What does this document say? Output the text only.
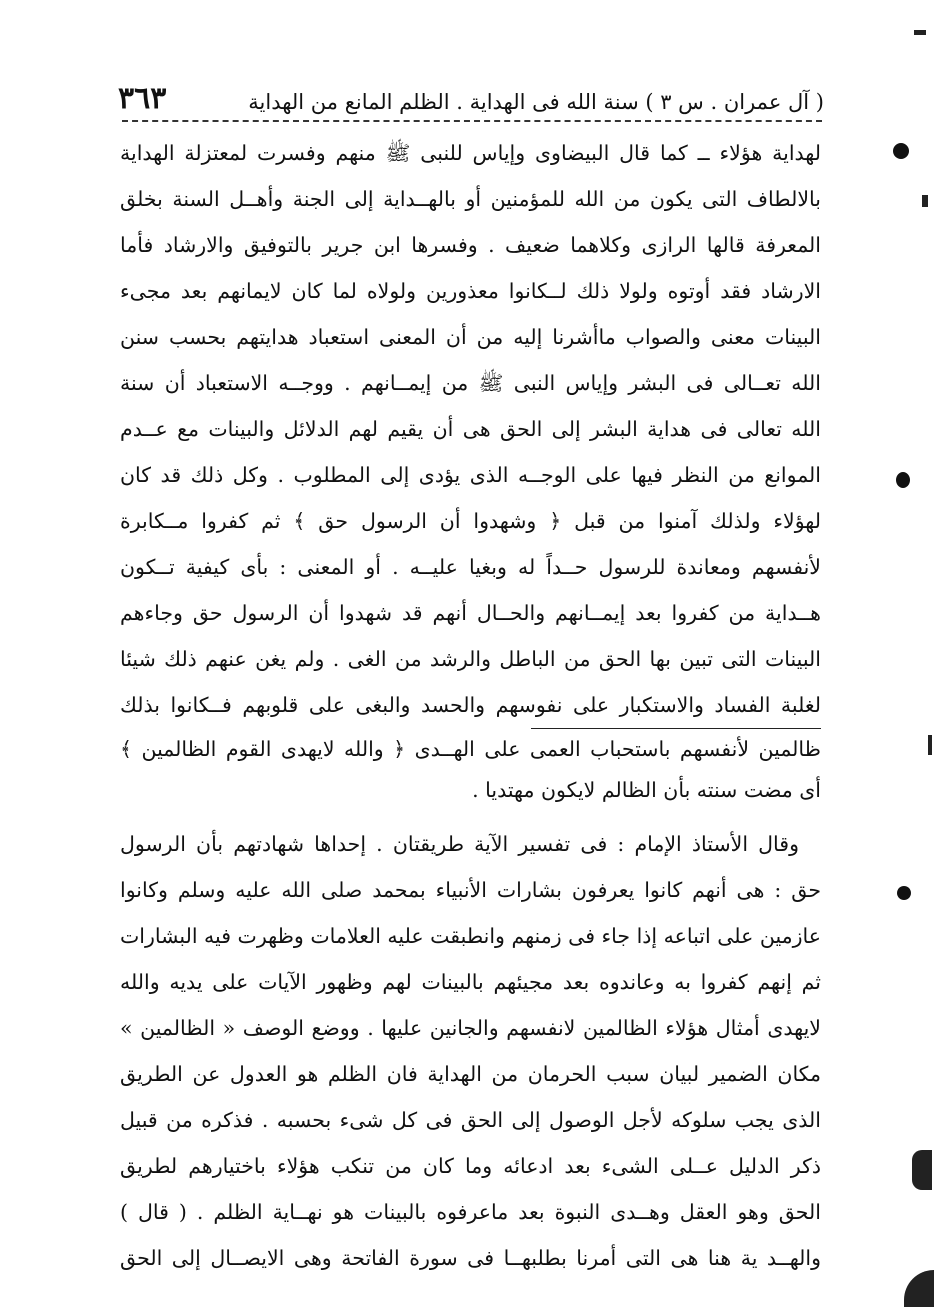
( آل عمران . س ٣ ) سنة الله فى الهداية . الظلم المانع من الهداية
٣٦٣
لهداية هؤلاء ــ كما قال البيضاوى وإياس للنبى ﷺ منهم وفسرت لمعتزلة الهداية
بالالطاف التى يكون من الله للمؤمنين أو بالهــداية إلى الجنة وأهــل السنة بخلق
المعرفة قالها الرازى وكلاهما ضعيف . وفسرها ابن جرير بالتوفيق والارشاد فأما
الارشاد فقد أوتوه ولولا ذلك لــكانوا معذورين ولولاه لما كان لايمانهم بعد مجىء
البينات معنى والصواب ماأشرنا إليه من أن المعنى استعباد هدايتهم بحسب سنن
الله تعــالى فى البشر وإياس النبى ﷺ من إيمــانهم . ووجــه الاستعباد أن سنة
الله تعالى فى هداية البشر إلى الحق هى أن يقيم لهم الدلائل والبينات مع عــدم
الموانع من النظر فيها على الوجــه الذى يؤدى إلى المطلوب . وكل ذلك قد كان
لهؤلاء ولذلك آمنوا من قبل ﴿ وشهدوا أن الرسول حق ﴾ ثم كفروا مــكابرة
لأنفسهم ومعاندة للرسول حــداً له وبغيا عليــه . أو المعنى : بأى كيفية تــكون
هــداية من كفروا بعد إيمــانهم والحــال أنهم قد شهدوا أن الرسول حق وجاءهم
البينات التى تبين بها الحق من الباطل والرشد من الغى . ولم يغن عنهم ذلك شيئا
لغلبة الفساد والاستكبار على نفوسهم والحسد والبغى على قلوبهم فــكانوا بذلك
ظالمين لأنفسهم باستحباب العمى على الهــدى ﴿ والله لايهدى القوم الظالمين ﴾
أى مضت سنته بأن الظالم لايكون مهتديا .
وقال الأستاذ الإمام : فى تفسير الآية طريقتان . إحداها شهادتهم بأن الرسول
حق : هى أنهم كانوا يعرفون بشارات الأنبياء بمحمد صلى الله عليه وسلم وكانوا
عازمين على اتباعه إذا جاء فى زمنهم وانطبقت عليه العلامات وظهرت فيه البشارات
ثم إنهم كفروا به وعاندوه بعد مجيئهم بالبينات لهم وظهور الآيات على يديه والله
لايهدى أمثال هؤلاء الظالمين لانفسهم والجانين عليها . ووضع الوصف « الظالمين »
مكان الضمير لبيان سبب الحرمان من الهداية فان الظلم هو العدول عن الطريق
الذى يجب سلوكه لأجل الوصول إلى الحق فى كل شىء بحسبه . فذكره من قبيل
ذكر الدليل عــلى الشىء بعد ادعائه وما كان من تنكب هؤلاء باختيارهم لطريق
الحق وهو العقل وهــدى النبوة بعد ماعرفوه بالبينات هو نهــاية الظلم . ( قال )
والهــد ية هنا هى التى أمرنا بطلبهــا فى سورة الفاتحة وهى الايصــال إلى الحق
